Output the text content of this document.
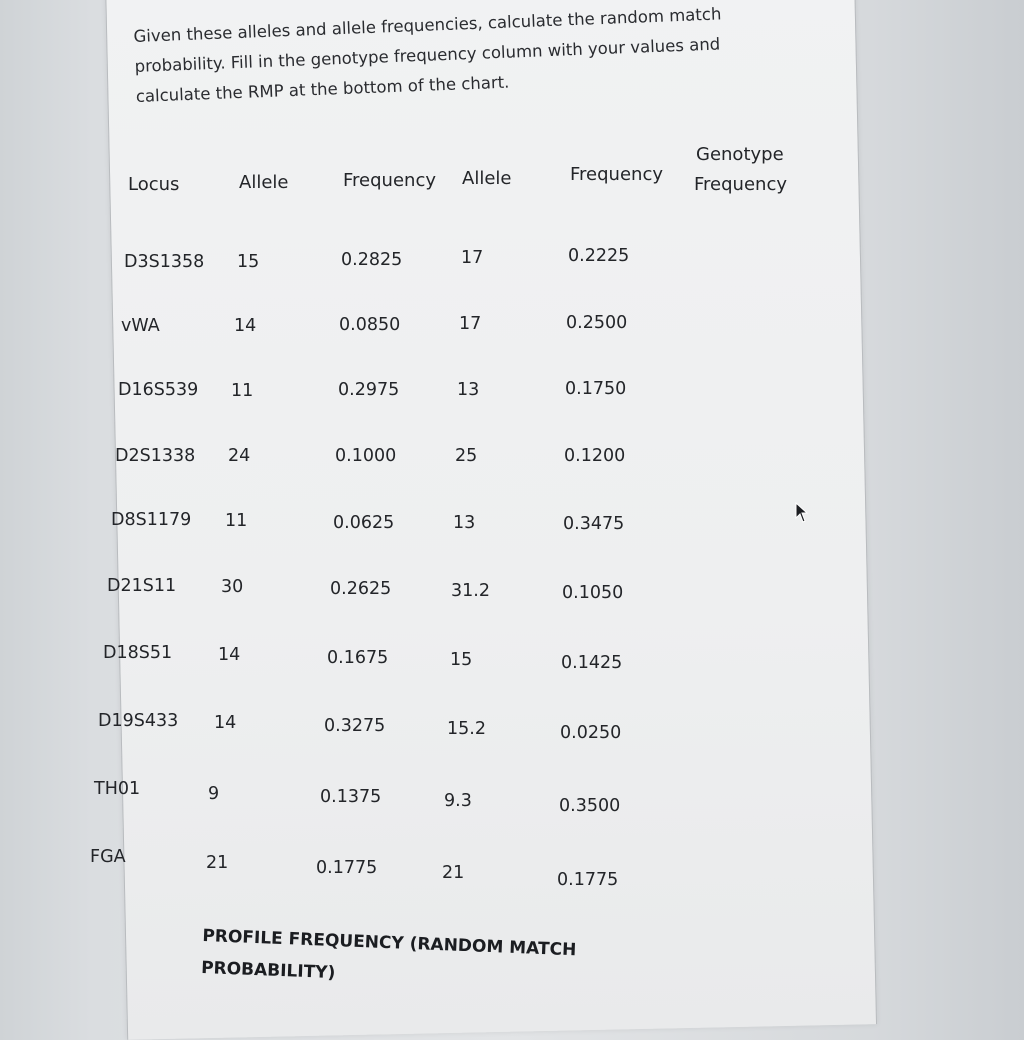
Given these alleles and allele frequencies, calculate the random match
probability. Fill in the genotype frequency column with your values and
calculate the RMP at the bottom of the chart.
Locus	Allele	Frequency Allele	Frequency
Genotype
Frequency
D3S1358 15	0.2825	17	0.2225
vWA	14	0.0850	17	0.2500
D16S539 11	0.2975	13	0.1750
D2S1338 24	0.1000	25	0.1200
D8S1179 11	0.0625	13	0.3475
D21S11	30	0.2625	31.2	0.1050
D18S51	14	0.1675	15	0.1425
D19S433 14	0.3275	15.2	0.0250
TH01	9	0.1375	9.3	0.3500
FGA	21	0.1775	21	0.1775
PROFILE FREQUENCY (RANDOM MATCH
PROBABILITY)
